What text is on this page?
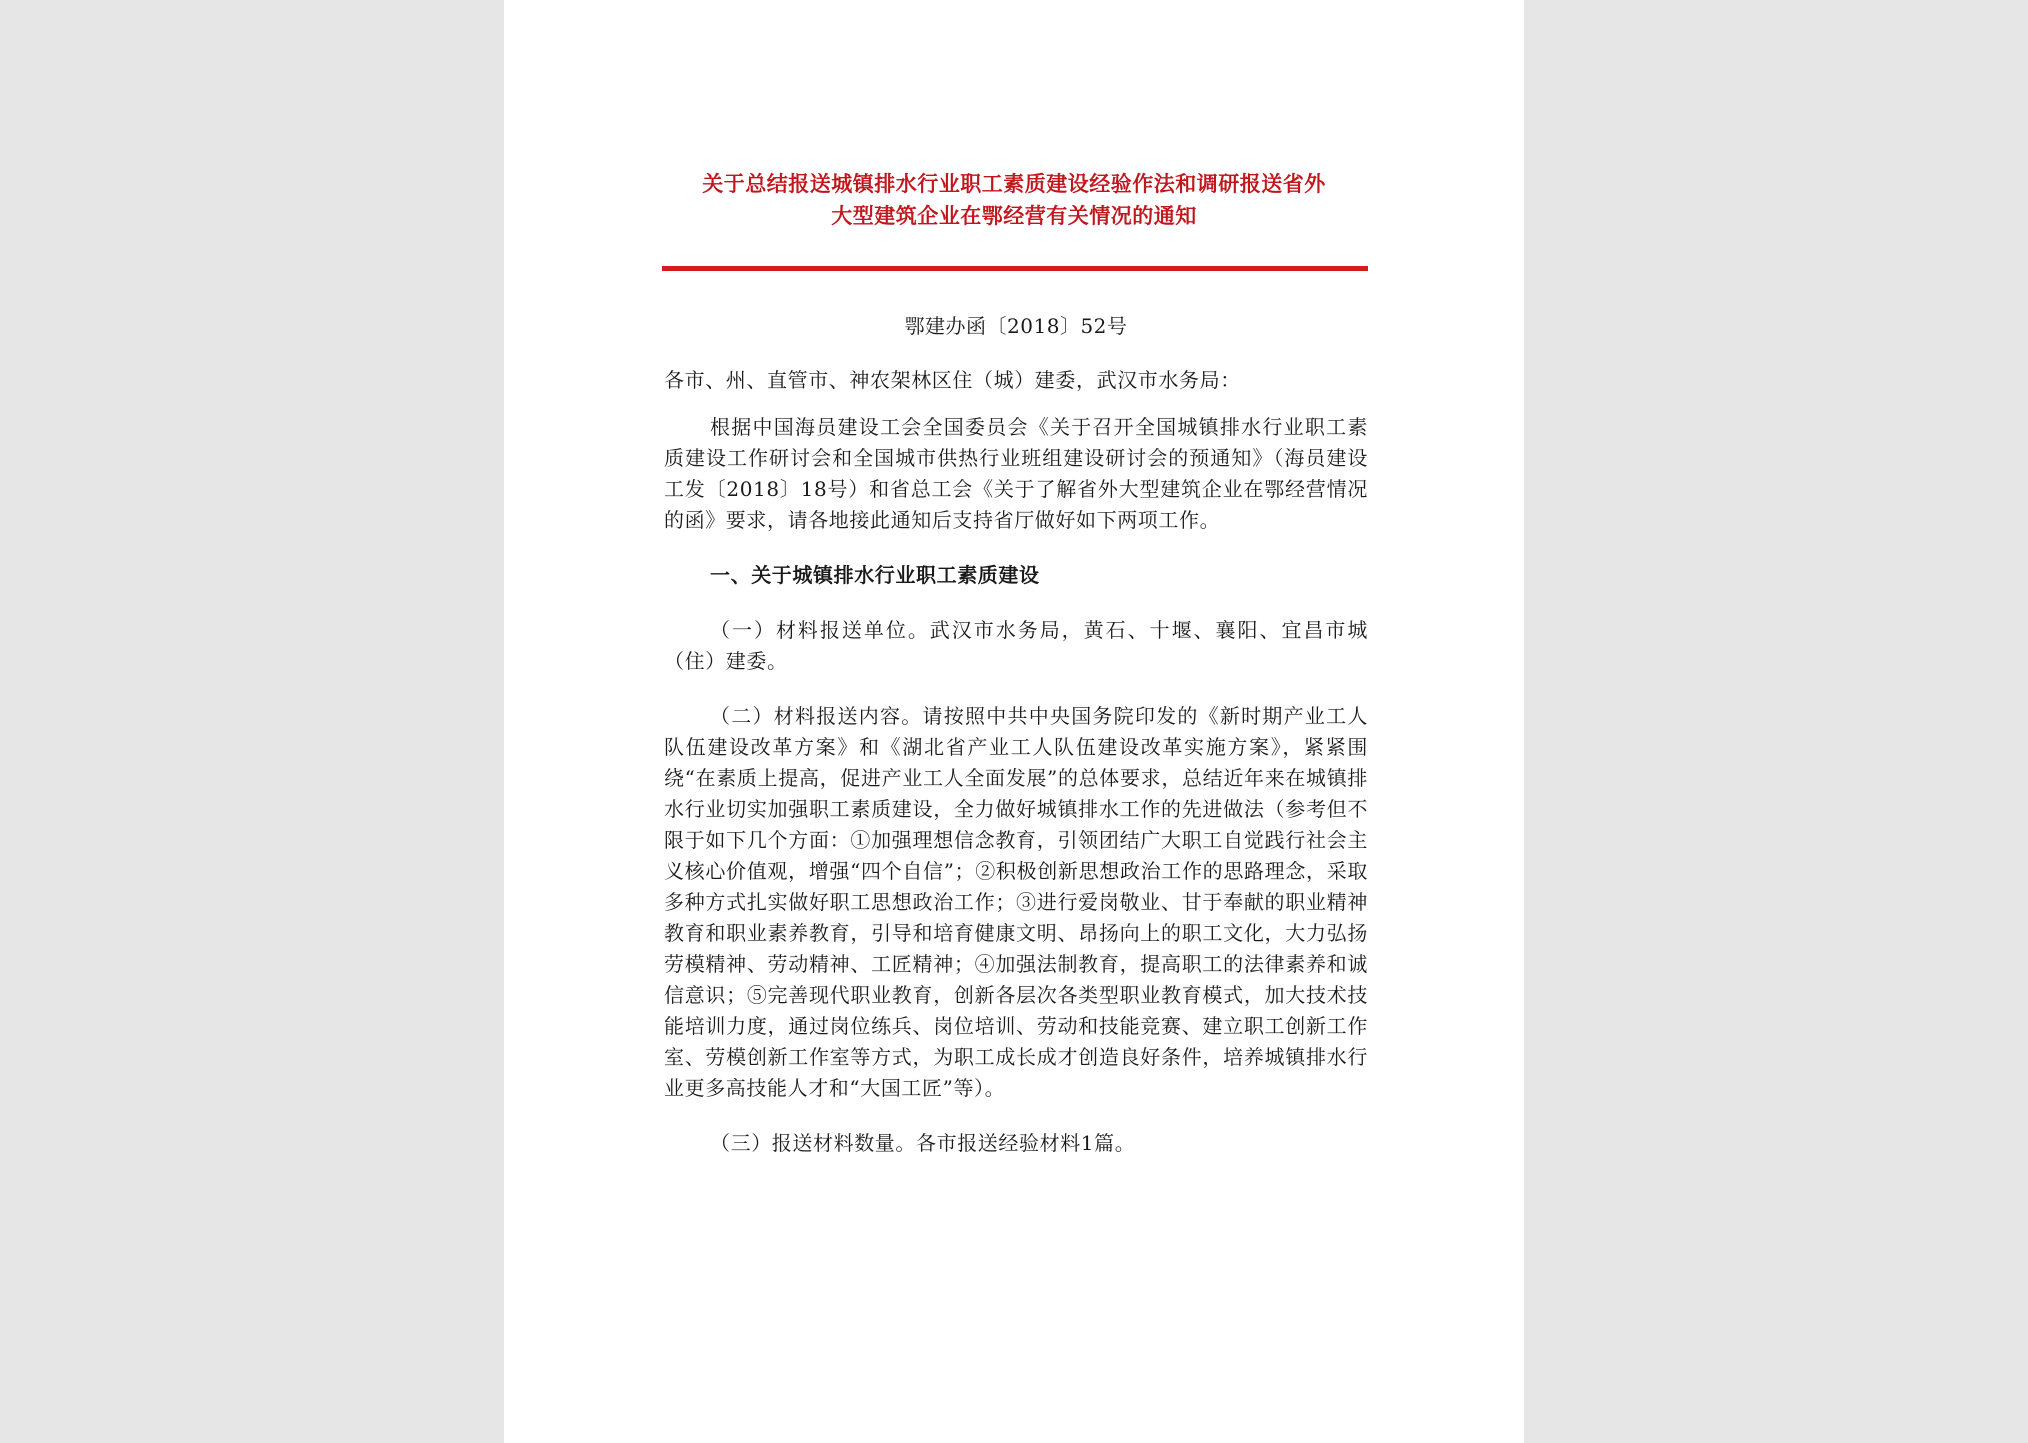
关于总结报送城镇排水行业职工素质建设经验作法和调研报送省外
大型建筑企业在鄂经营有关情况的通知
鄂建办函〔2018〕52号
各市、州、直管市、神农架林区住（城）建委，武汉市水务局：

根据中国海员建设工会全国委员会《关于召开全国城镇排水行业职工素质建设工作研讨会和全国城市供热行业班组建设研讨会的预通知》（海员建设工发〔2018〕18号）和省总工会《关于了解省外大型建筑企业在鄂经营情况的函》要求，请各地接此通知后支持省厅做好如下两项工作。

一、关于城镇排水行业职工素质建设

（一）材料报送单位。武汉市水务局，黄石、十堰、襄阳、宜昌市城（住）建委。

（二）材料报送内容。请按照中共中央国务院印发的《新时期产业工人队伍建设改革方案》和《湖北省产业工人队伍建设改革实施方案》，紧紧围绕“在素质上提高，促进产业工人全面发展”的总体要求，总结近年来在城镇排水行业切实加强职工素质建设，全力做好城镇排水工作的先进做法（参考但不限于如下几个方面：①加强理想信念教育，引领团结广大职工自觉践行社会主义核心价值观，增强“四个自信”；②积极创新思想政治工作的思路理念，采取多种方式扎实做好职工思想政治工作；③进行爱岗敬业、甘于奉献的职业精神教育和职业素养教育，引导和培育健康文明、昂扬向上的职工文化，大力弘扬劳模精神、劳动精神、工匠精神；④加强法制教育，提高职工的法律素养和诚信意识；⑤完善现代职业教育，创新各层次各类型职业教育模式，加大技术技能培训力度，通过岗位练兵、岗位培训、劳动和技能竞赛、建立职工创新工作室、劳模创新工作室等方式，为职工成长成才创造良好条件，培养城镇排水行业更多高技能人才和“大国工匠”等）。

（三）报送材料数量。各市报送经验材料1篇。
